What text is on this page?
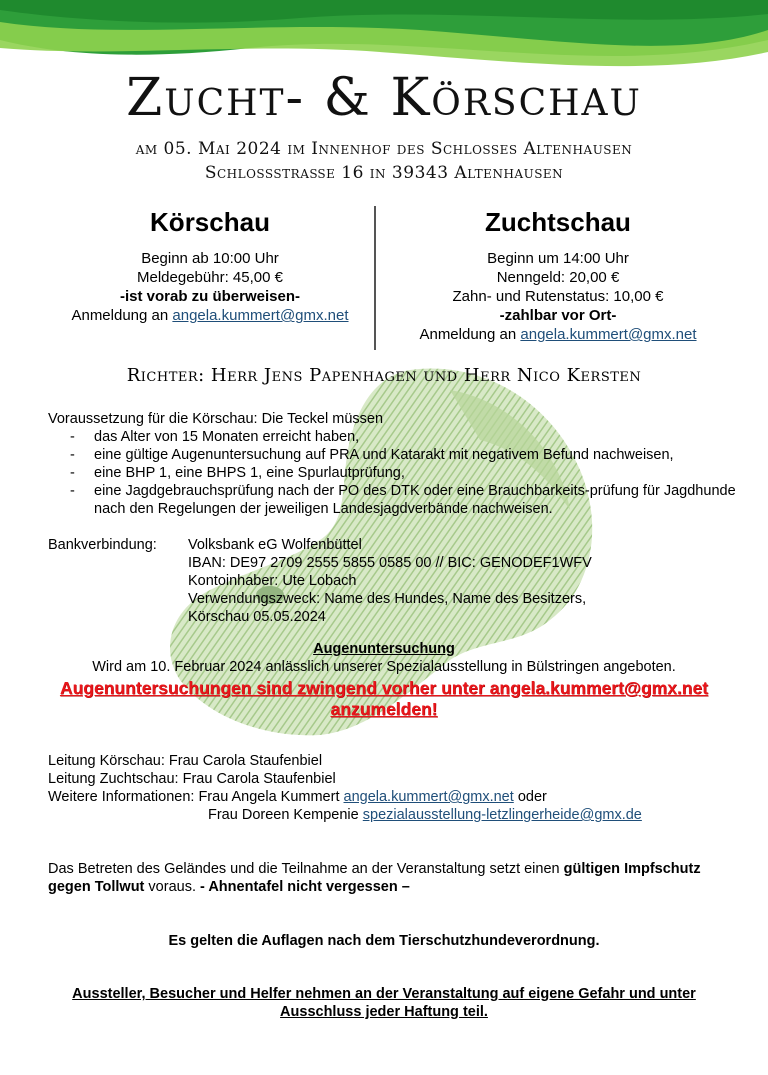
Zucht- & Körschau
am 05. Mai 2024 im Innenhof des Schlosses Altenhausen
Schlossstraße 16 in 39343 Altenhausen
Körschau
Beginn ab 10:00 Uhr
Meldegebühr: 45,00 €
-ist vorab zu überweisen-
Anmeldung an angela.kummert@gmx.net
Zuchtschau
Beginn um 14:00 Uhr
Nenngeld: 20,00 €
Zahn- und Rutenstatus: 10,00 €
-zahlbar vor Ort-
Anmeldung an angela.kummert@gmx.net
Richter: Herr Jens Papenhagen und Herr Nico Kersten
Voraussetzung für die Körschau: Die Teckel müssen
- das Alter von 15 Monaten erreicht haben,
- eine gültige Augenuntersuchung auf PRA und Katarakt mit negativem Befund nachweisen,
- eine BHP 1, eine BHPS 1, eine Spurlautprüfung,
- eine Jagdgebrauchsprüfung nach der PO des DTK oder eine Brauchbarkeits-prüfung für Jagdhunde nach den Regelungen der jeweiligen Landesjagdverbände nachweisen.
Bankverbindung:	Volksbank eG Wolfenbüttel
IBAN: DE97 2709 2555 5855 0585 00 // BIC: GENODEF1WFV
Kontoinhaber: Ute Lobach
Verwendungszweck: Name des Hundes, Name des Besitzers,
Körschau 05.05.2024
Augenuntersuchung
Wird am 10. Februar 2024 anlässlich unserer Spezialausstellung in Bülstringen angeboten.
Augenuntersuchungen sind zwingend vorher unter angela.kummert@gmx.net
anzumelden!
Leitung Körschau: Frau Carola Staufenbiel
Leitung Zuchtschau: Frau Carola Staufenbiel
Weitere Informationen: Frau Angela Kummert angela.kummert@gmx.net oder
Frau Doreen Kempenie spezialausstellung-letzlingerheide@gmx.de
Das Betreten des Geländes und die Teilnahme an der Veranstaltung setzt einen gültigen Impfschutz gegen Tollwut voraus. - Ahnentafel nicht vergessen –
Es gelten die Auflagen nach dem Tierschutzhundeverordnung.
Aussteller, Besucher und Helfer nehmen an der Veranstaltung auf eigene Gefahr und unter
Ausschluss jeder Haftung teil.
